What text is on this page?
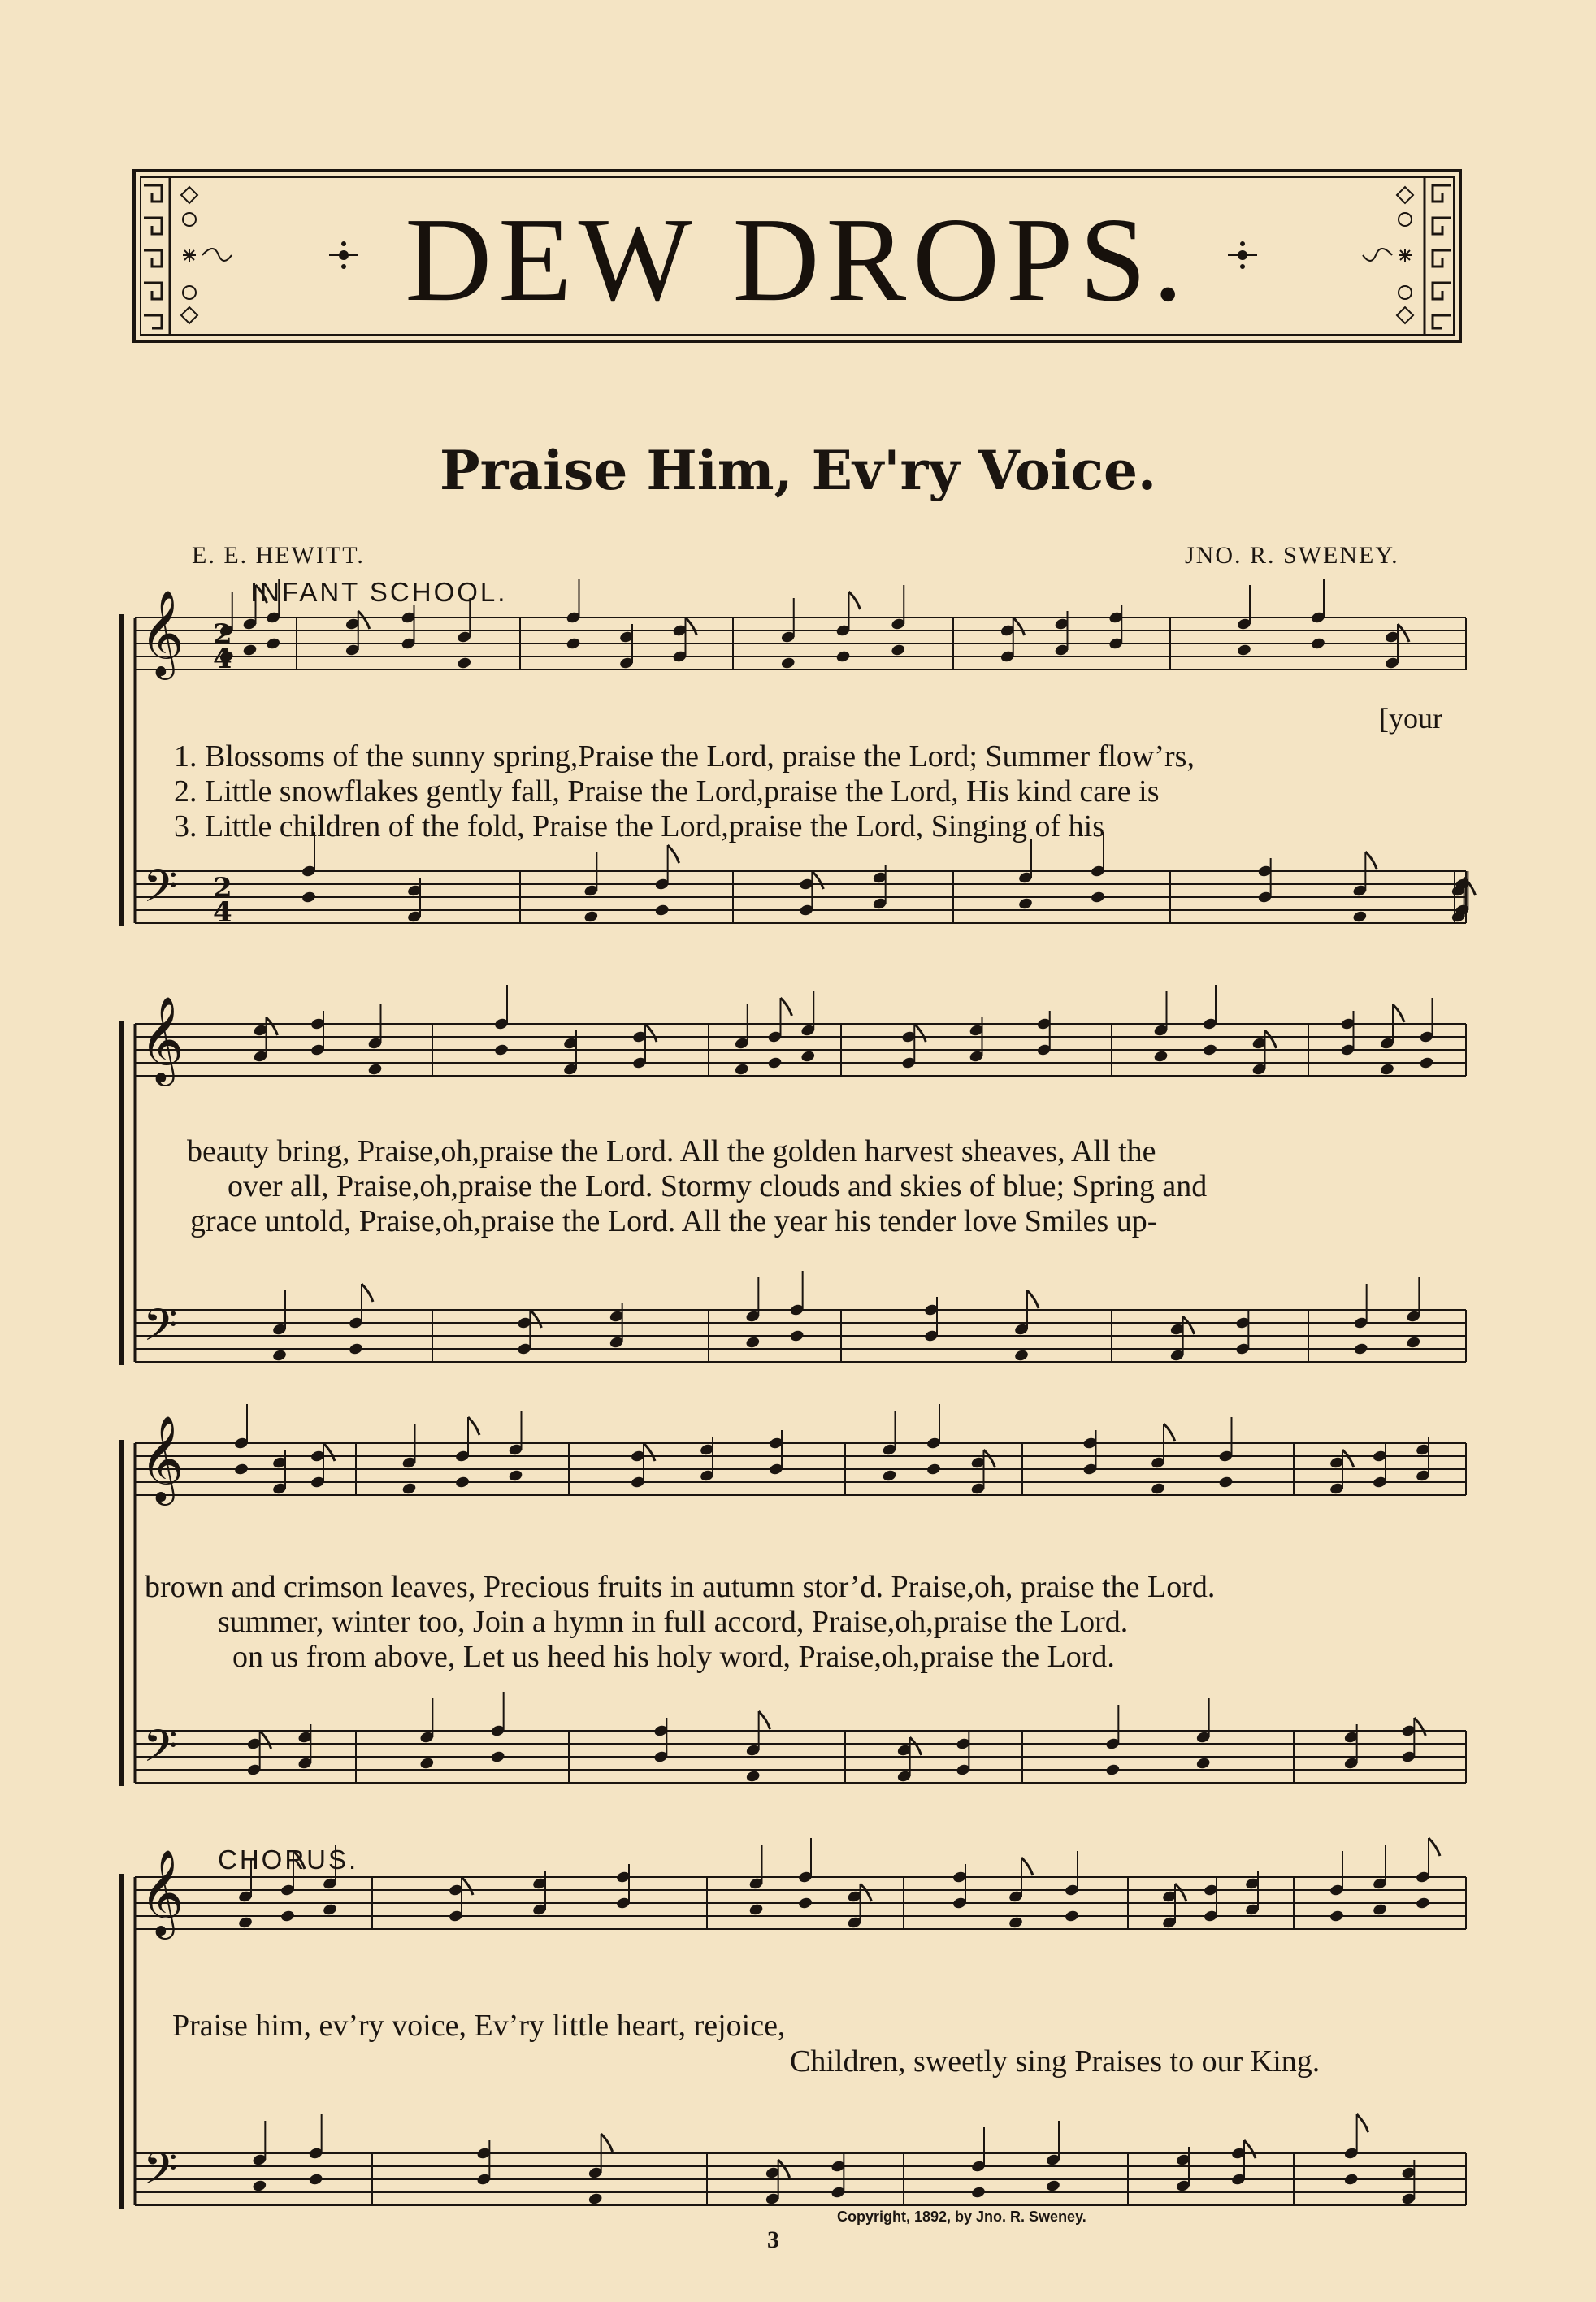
DEW DROPS.
Praise Him, Ev'ry Voice.
E. E. HEWITT.	JNO. R. SWENEY.
INFANT SCHOOL.
𝄞
𝄢
𝄞
𝄢
𝄞
𝄢
𝄞
𝄢
2
4
2
4
[your
1. Blossoms of the sunny spring,Praise the Lord, praise the Lord; Summer flow’rs,
2. Little snowflakes gently fall, Praise the Lord,praise the Lord, His kind care is
3. Little children of the fold, Praise the Lord,praise the Lord, Singing of his
beauty bring, Praise,oh,praise the Lord. All the golden harvest sheaves, All the
over all, Praise,oh,praise the Lord. Stormy clouds and skies of blue; Spring and
grace untold, Praise,oh,praise the Lord. All the year his tender love Smiles up-
brown and crimson leaves, Precious fruits in autumn stor’d. Praise,oh, praise the Lord.
summer, winter too, Join a hymn in full accord, Praise,oh,praise the Lord.
on us from above, Let us heed his holy word, Praise,oh,praise the Lord.
CHORUS.
Praise him, ev’ry voice, Ev’ry little heart, rejoice,
Children, sweetly sing Praises to our King.
Copyright, 1892, by Jno. R. Sweney.
3
